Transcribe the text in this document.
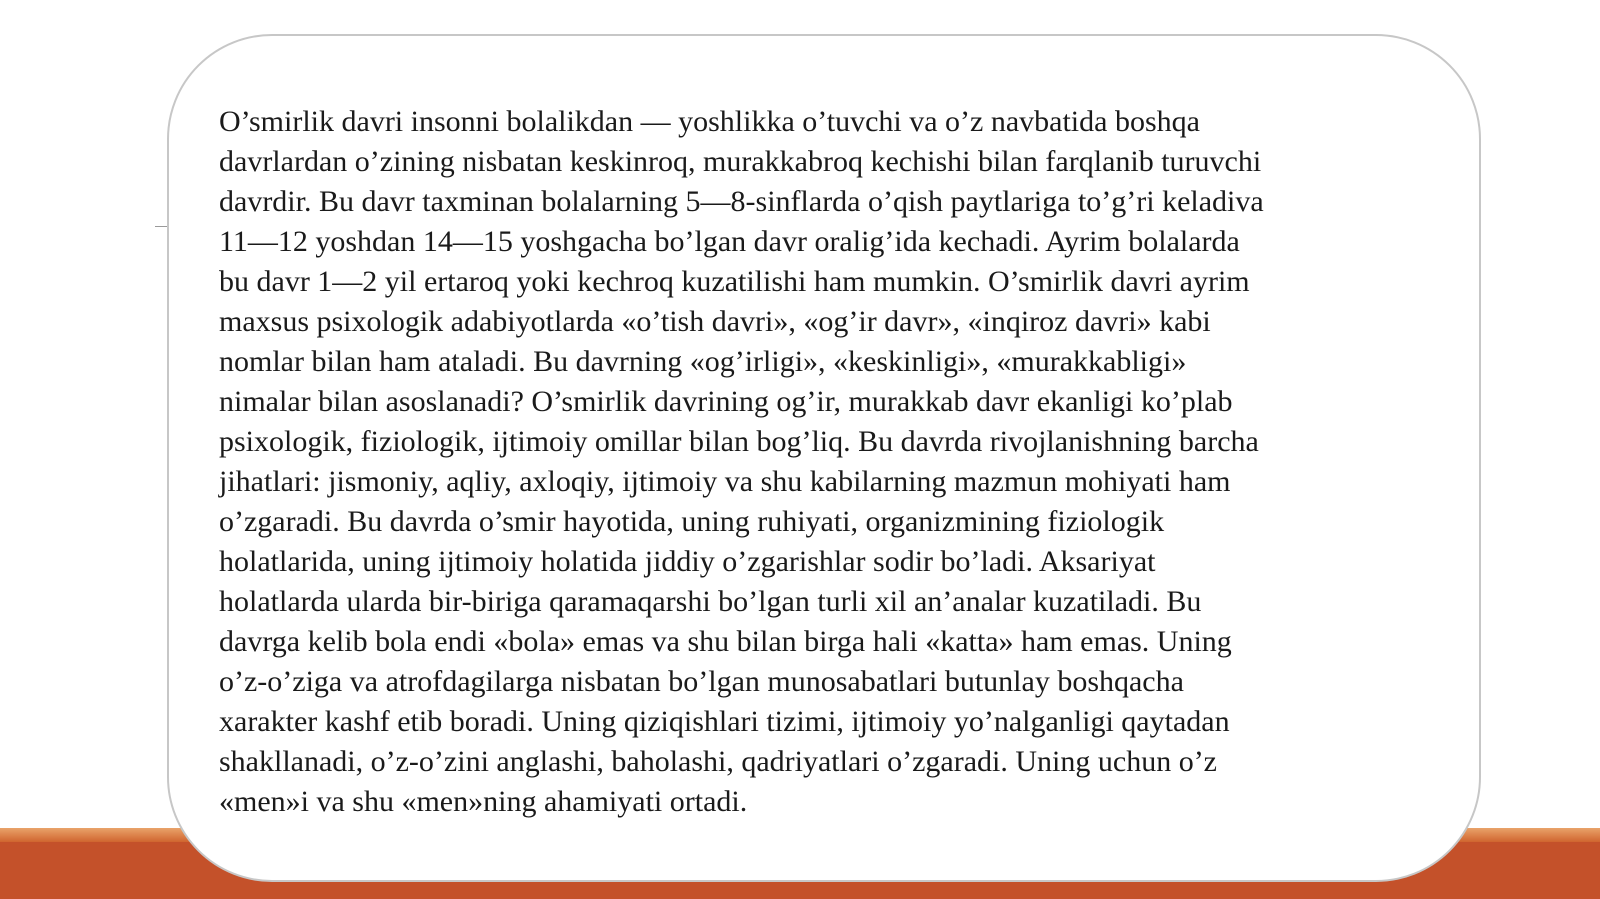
O’smirlik davri insonni bolalikdan — yoshlikka o’tuvchi va o’z navbatida boshqa
davrlardan o’zining nisbatan keskinroq, murakkabroq kechishi bilan farqlanib turuvchi
davrdir. Bu davr taxminan bolalarning 5—8-sinflarda o’qish paytlariga to’g’ri keladiva
11—12 yoshdan 14—15 yoshgacha bo’lgan davr oralig’ida kechadi. Ayrim bolalarda
bu davr 1—2 yil ertaroq yoki kechroq kuzatilishi ham mumkin. O’smirlik davri ayrim
maxsus psixologik adabiyotlarda «o’tish davri», «og’ir davr», «inqiroz davri» kabi
nomlar bilan ham ataladi. Bu davrning «og’irligi», «keskinligi», «murakkabligi»
nimalar bilan asoslanadi? O’smirlik davrining og’ir, murakkab davr ekanligi ko’plab
psixologik, fiziologik, ijtimoiy omillar bilan bog’liq. Bu davrda rivojlanishning barcha
jihatlari: jismoniy, aqliy, axloqiy, ijtimoiy va shu kabilarning mazmun mohiyati ham
o’zgaradi. Bu davrda o’smir hayotida, uning ruhiyati, organizmining fiziologik
holatlarida, uning ijtimoiy holatida jiddiy o’zgarishlar sodir bo’ladi. Aksariyat
holatlarda ularda bir-biriga qaramaqarshi bo’lgan turli xil an’analar kuzatiladi. Bu
davrga kelib bola endi «bola» emas va shu bilan birga hali «katta» ham emas. Uning
o’z-o’ziga va atrofdagilarga nisbatan bo’lgan munosabatlari butunlay boshqacha
xarakter kashf etib boradi. Uning qiziqishlari tizimi, ijtimoiy yo’nalganligi qaytadan
shakllanadi, o’z-o’zini anglashi, baholashi, qadriyatlari o’zgaradi. Uning uchun o’z
«men»i va shu «men»ning ahamiyati ortadi.
